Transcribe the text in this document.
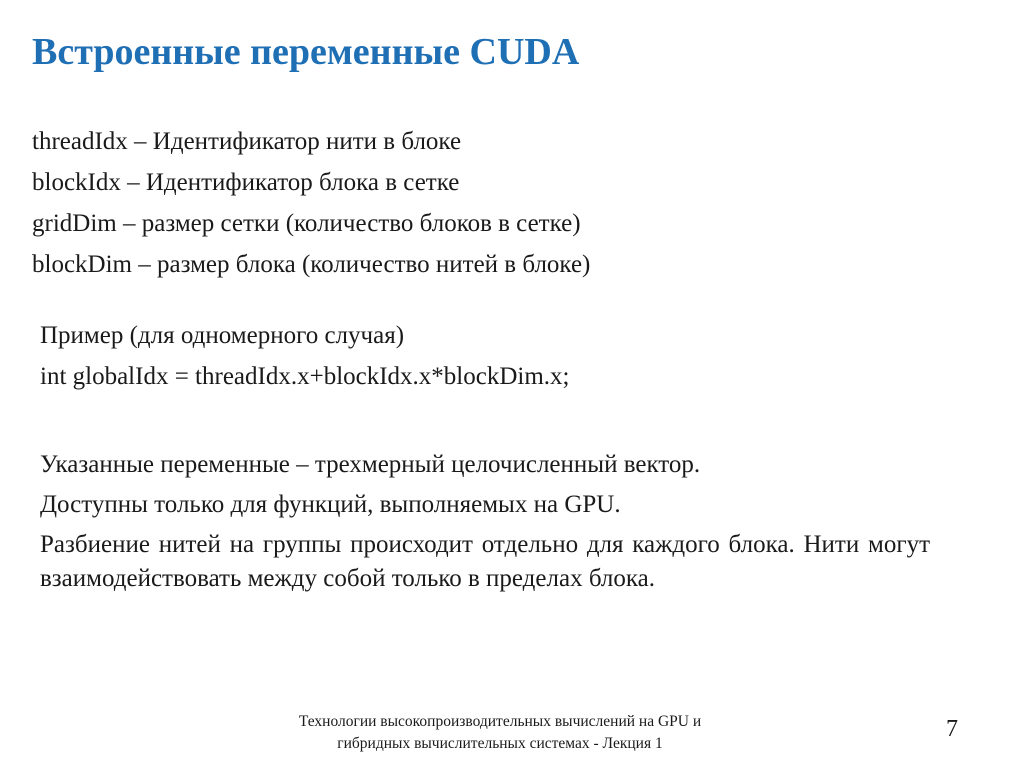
Встроенные переменные CUDA
threadIdx – Идентификатор нити в блоке
blockIdx – Идентификатор блока в сетке
gridDim – размер сетки (количество блоков в сетке)
blockDim – размер блока (количество нитей в блоке)
Пример (для одномерного случая)
int globalIdx = threadIdx.x+blockIdx.x*blockDim.x;

Указанные переменные – трехмерный целочисленный вектор.

Доступны только для функций, выполняемых на GPU.

Разбиение нитей на группы происходит отдельно для каждого блока. Нити могут взаимодействовать между собой только в пределах блока.

Технологии высокопроизводительных вычислений на GPU и
гибридных вычислительных системах - Лекция 1
7
